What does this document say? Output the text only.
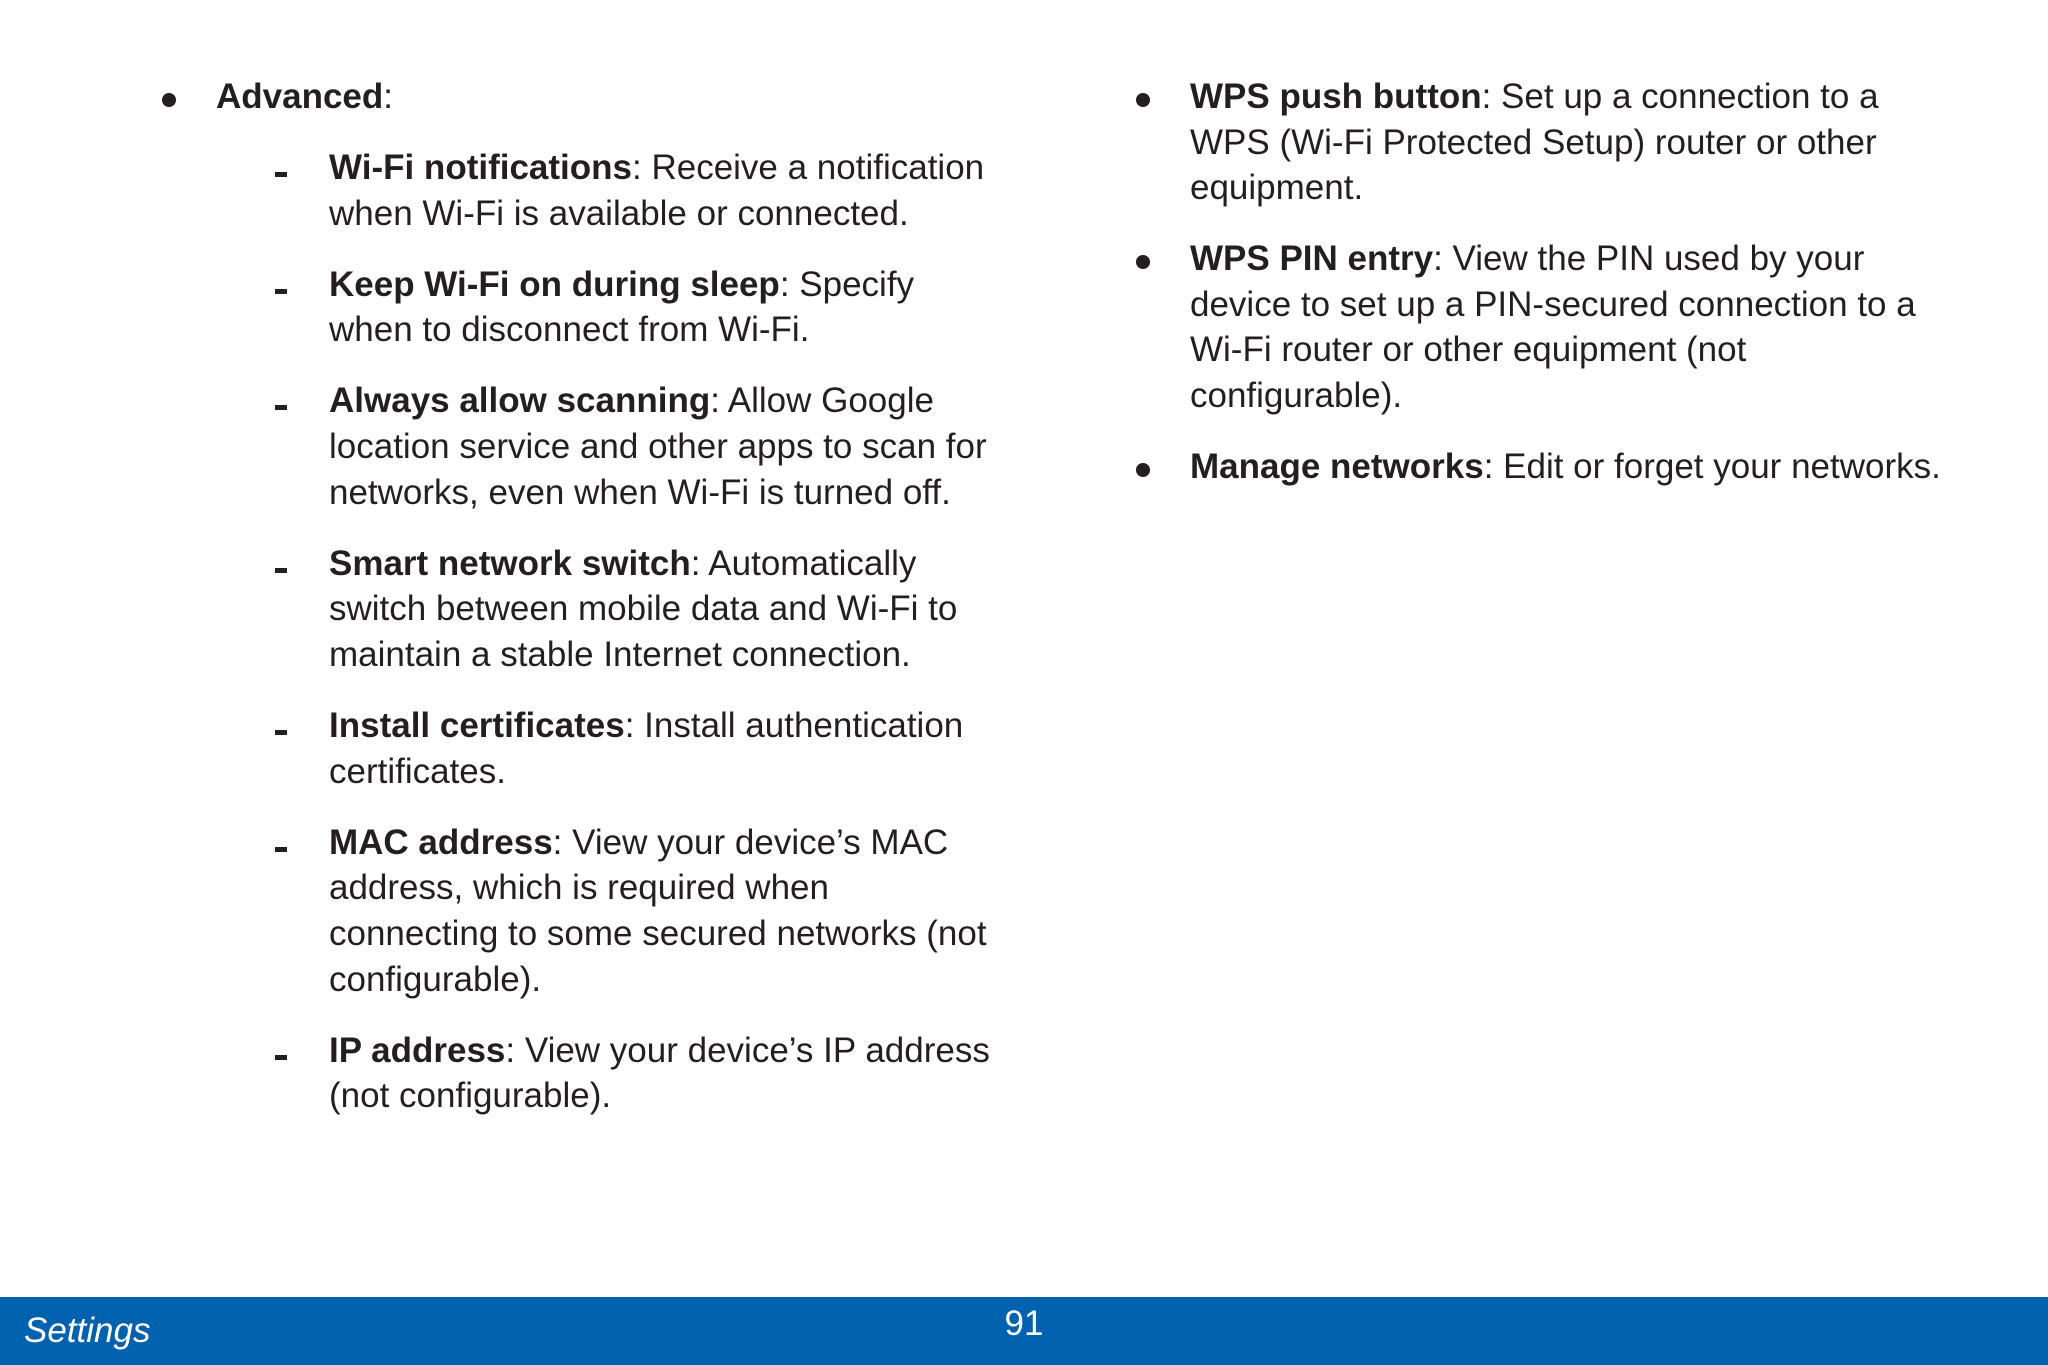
Advanced:
Wi-Fi notifications: Receive a notification when Wi-Fi is available or connected.
Keep Wi-Fi on during sleep: Specify when to disconnect from Wi-Fi.
Always allow scanning: Allow Google location service and other apps to scan for networks, even when Wi-Fi is turned off.
Smart network switch: Automatically switch between mobile data and Wi-Fi to maintain a stable Internet connection.
Install certificates: Install authentication certificates.
MAC address: View your device’s MAC address, which is required when connecting to some secured networks (not configurable).
IP address: View your device’s IP address (not configurable).
WPS push button: Set up a connection to a WPS (Wi-Fi Protected Setup) router or other equipment.
WPS PIN entry: View the PIN used by your device to set up a PIN-secured connection to a Wi-Fi router or other equipment (not configurable).
Manage networks: Edit or forget your networks.
Settings	91
